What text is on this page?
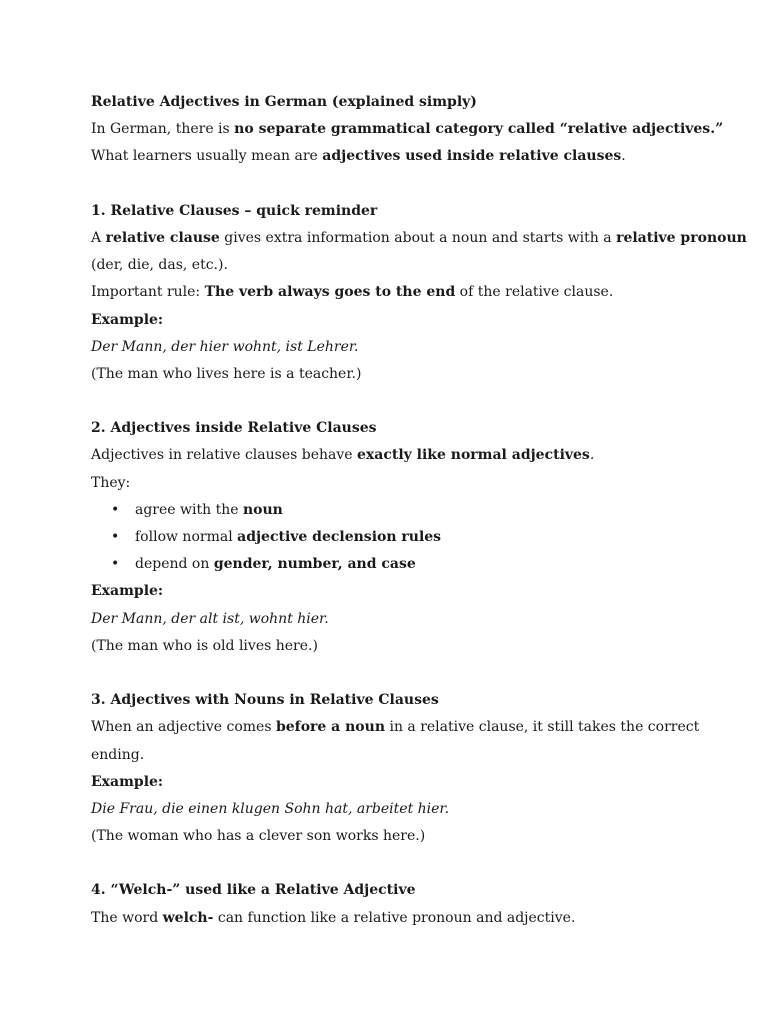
Relative Adjectives in German (explained simply)
In German, there is no separate grammatical category called “relative adjectives.”
What learners usually mean are adjectives used inside relative clauses.
1. Relative Clauses – quick reminder
A relative clause gives extra information about a noun and starts with a relative pronoun
(der, die, das, etc.).
Important rule: The verb always goes to the end of the relative clause.
Example:
Der Mann, der hier wohnt, ist Lehrer.
(The man who lives here is a teacher.)
2. Adjectives inside Relative Clauses
Adjectives in relative clauses behave exactly like normal adjectives.
They:
• agree with the noun
• follow normal adjective declension rules
• depend on gender, number, and case
Example:
Der Mann, der alt ist, wohnt hier.
(The man who is old lives here.)
3. Adjectives with Nouns in Relative Clauses
When an adjective comes before a noun in a relative clause, it still takes the correct
ending.
Example:
Die Frau, die einen klugen Sohn hat, arbeitet hier.
(The woman who has a clever son works here.)
4. “Welch-” used like a Relative Adjective
The word welch- can function like a relative pronoun and adjective.
